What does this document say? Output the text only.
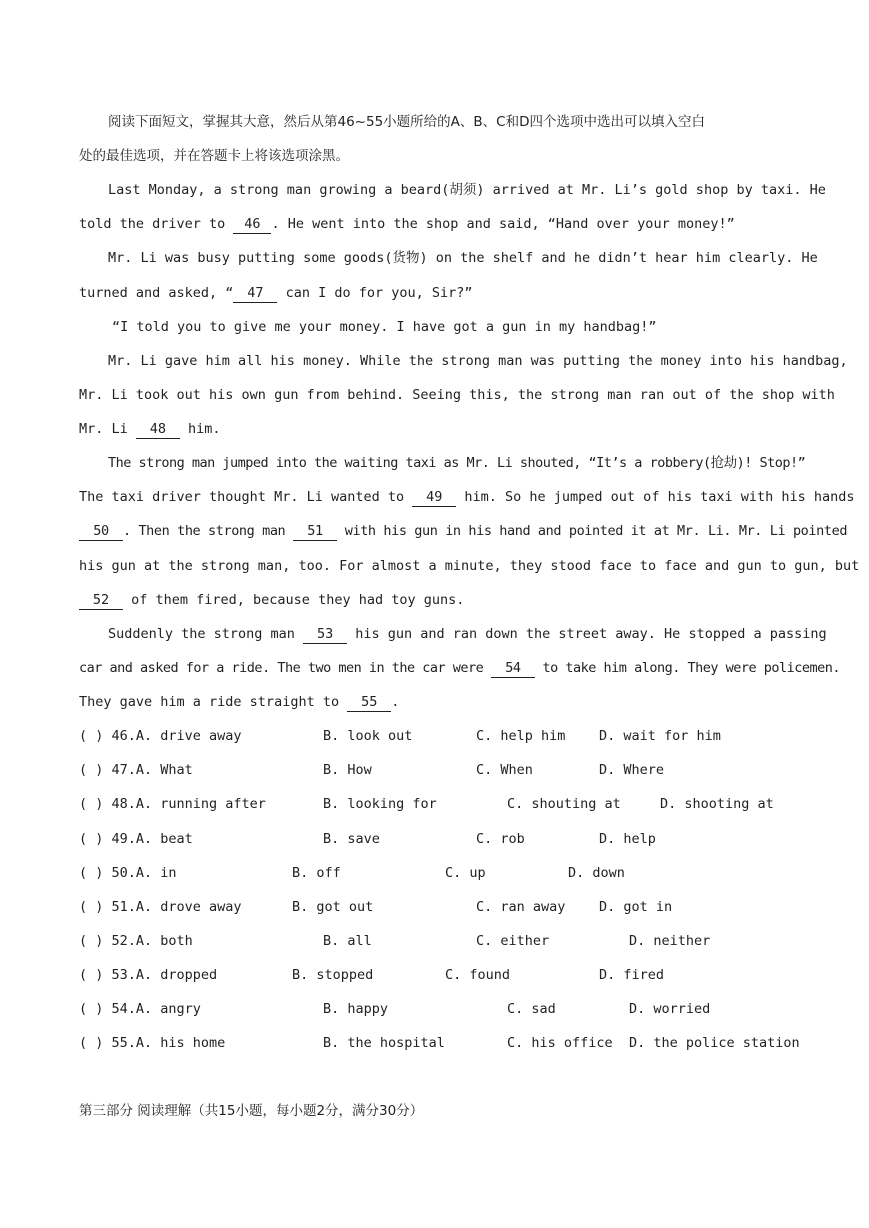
阅读下面短文，掌握其大意，然后从第46~55小题所给的A、B、C和D四个选项中选出可以填入空白
处的最佳选项，并在答题卡上将该选项涂黑。
Last Monday, a strong man growing a beard(胡须) arrived at Mr. Li’s gold shop by taxi. He
told the driver to 46 . He went into the shop and said, “Hand over your money!”
Mr. Li was busy putting some goods(货物) on the shelf and he didn’t hear him clearly. He
turned and asked, “ 47 can I do for you, Sir?”
“I told you to give me your money. I have got a gun in my handbag!”
Mr. Li gave him all his money. While the strong man was putting the money into his handbag,
Mr. Li took out his own gun from behind. Seeing this, the strong man ran out of the shop with
Mr. Li 48 him.
The strong man jumped into the waiting taxi as Mr. Li shouted, “It’s a robbery(抢劫)! Stop!”
The taxi driver thought Mr. Li wanted to 49 him. So he jumped out of his taxi with his hands
50 . Then the strong man 51 with his gun in his hand and pointed it at Mr. Li. Mr. Li pointed
his gun at the strong man, too. For almost a minute, they stood face to face and gun to gun, but
52 of them fired, because they had toy guns.
Suddenly the strong man 53 his gun and ran down the street away. He stopped a passing
car and asked for a ride. The two men in the car were 54 to take him along. They were policemen.
They gave him a ride straight to 55 .
( ) 46.A. drive away	B. look out	C. help him D. wait for him
( ) 47.A. What	B. How	C. When	D. Where
( ) 48.A. running after	B. looking for	C. shouting at	D. shooting at
( ) 49.A. beat	B. save	C. rob	D. help
( ) 50.A. in	B. off	C. up	D. down
( ) 51.A. drove away	B. got out	C. ran away D. got in
( ) 52.A. both	B. all	C. either	D. neither
( ) 53.A. dropped	B. stopped	C. found	D. fired
( ) 54.A. angry	B. happy	C. sad	D. worried
( ) 55.A. his home	B. the hospital	C. his office D. the police station
第三部分 阅读理解（共15小题，每小题2分，满分30分）
